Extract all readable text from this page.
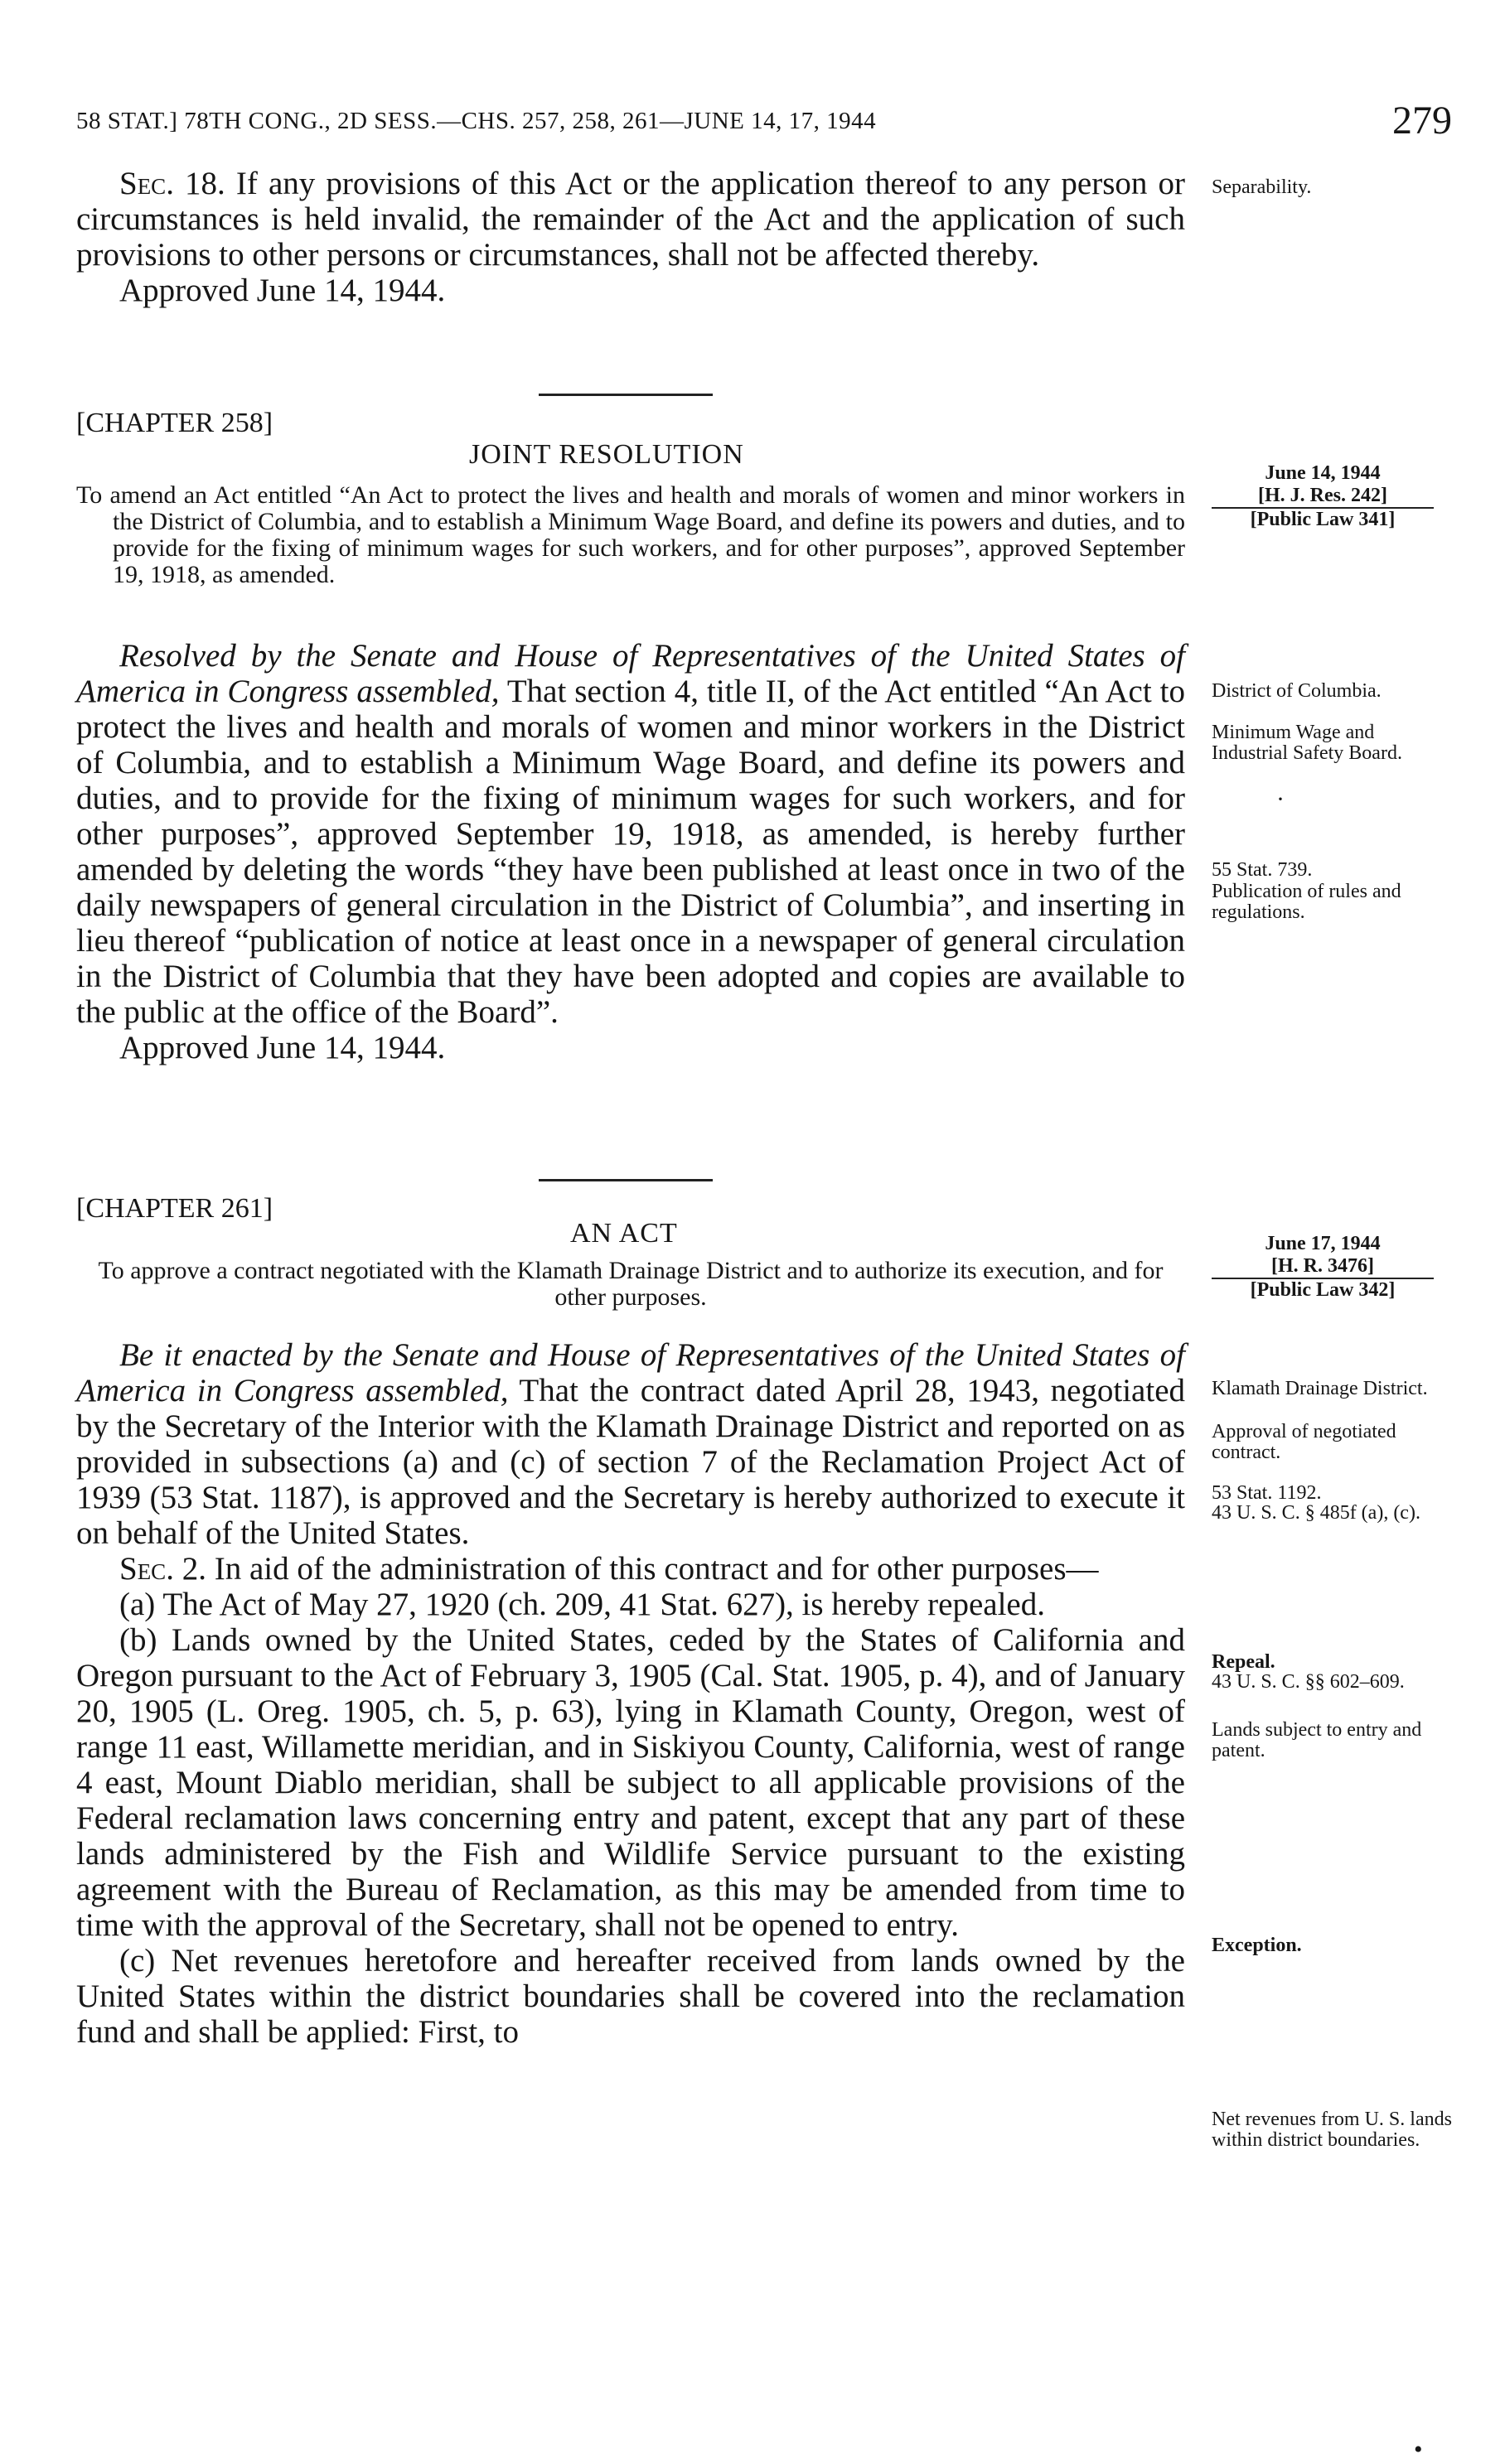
58 STAT.] 78TH CONG., 2D SESS.—CHS. 257, 258, 261—JUNE 14, 17, 1944	279

Sec. 18. If any provisions of this Act or the application thereof to any person or circumstances is held invalid, the remainder of the Act and the application of such provisions to other persons or circumstances, shall not be affected thereby.

Approved June 14, 1944.

Separability.
[CHAPTER 258]
JOINT RESOLUTION
June 14, 1944
[H. J. Res. 242]
[Public Law 341]

To amend an Act entitled “An Act to protect the lives and health and morals of women and minor workers in the District of Columbia, and to establish a Minimum Wage Board, and define its powers and duties, and to provide for the fixing of minimum wages for such workers, and for other purposes”, approved September 19, 1918, as amended.

Resolved by the Senate and House of Representatives of the United States of America in Congress assembled, That section 4, title II, of the Act entitled “An Act to protect the lives and health and morals of women and minor workers in the District of Columbia, and to establish a Minimum Wage Board, and define its powers and duties, and to provide for the fixing of minimum wages for such workers, and for other purposes”, approved September 19, 1918, as amended, is hereby further amended by deleting the words “they have been published at least once in two of the daily newspapers of general circulation in the District of Columbia”, and inserting in lieu thereof “publication of notice at least once in a newspaper of general circulation in the District of Columbia that they have been adopted and copies are available to the public at the office of the Board”.

Approved June 14, 1944.

District of Columbia.
Minimum Wage and Industrial Safety Board.
55 Stat. 739.
Publication of rules and regulations.
·
[CHAPTER 261]
AN ACT	June 17, 1944
[H. R. 3476]
[Public Law 342]

To approve a contract negotiated with the Klamath Drainage District and to authorize its execution, and for other purposes.

Be it enacted by the Senate and House of Representatives of the United States of America in Congress assembled, That the contract dated April 28, 1943, negotiated by the Secretary of the Interior with the Klamath Drainage District and reported on as provided in subsections (a) and (c) of section 7 of the Reclamation Project Act of 1939 (53 Stat. 1187), is approved and the Secretary is hereby authorized to execute it on behalf of the United States.

Sec. 2. In aid of the administration of this contract and for other purposes—

(a) The Act of May 27, 1920 (ch. 209, 41 Stat. 627), is hereby repealed.

(b) Lands owned by the United States, ceded by the States of California and Oregon pursuant to the Act of February 3, 1905 (Cal. Stat. 1905, p. 4), and of January 20, 1905 (L. Oreg. 1905, ch. 5, p. 63), lying in Klamath County, Oregon, west of range 11 east, Willamette meridian, and in Siskiyou County, California, west of range 4 east, Mount Diablo meridian, shall be subject to all applicable provisions of the Federal reclamation laws concerning entry and patent, except that any part of these lands administered by the Fish and Wildlife Service pursuant to the existing agreement with the Bureau of Reclamation, as this may be amended from time to time with the approval of the Secretary, shall not be opened to entry.

(c) Net revenues heretofore and hereafter received from lands owned by the United States within the district boundaries shall be covered into the reclamation fund and shall be applied: First, to

Klamath Drainage District.
Approval of negotiated contract.
53 Stat. 1192.
43 U. S. C. § 485f (a), (c).
Repeal.
43 U. S. C. §§ 602–609.
Lands subject to entry and patent.
Exception.
Net revenues from U. S. lands within district boundaries.
•
